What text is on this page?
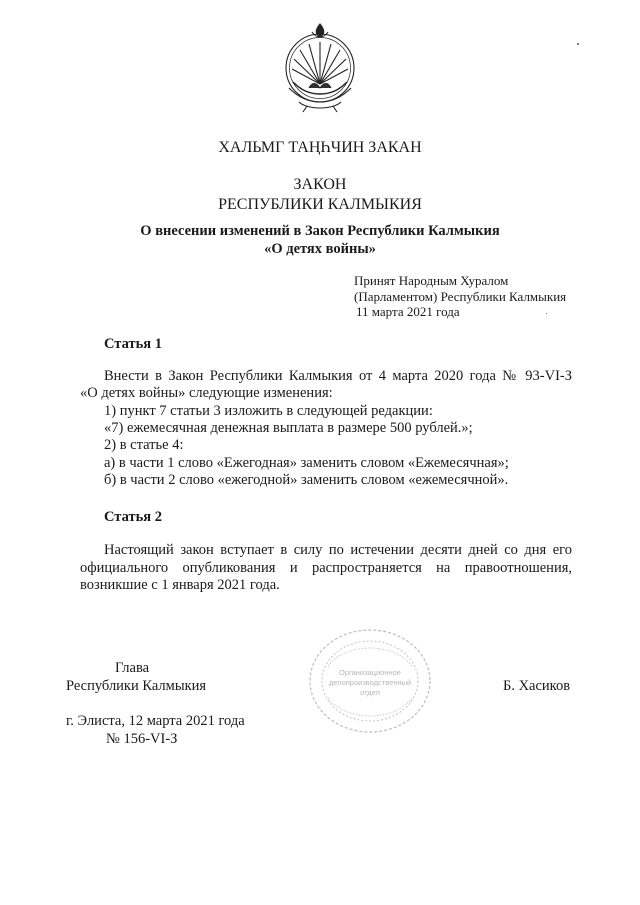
ХАЛЬМГ ТАҢҺЧИН ЗАКАН
ЗАКОН
РЕСПУБЛИКИ КАЛМЫКИЯ
О внесении изменений в Закон Республики Калмыкия
«О детях войны»
Принят Народным Хуралом
(Парламентом) Республики Калмыкия
11 марта 2021 года
Статья 1
Внести в Закон Республики Калмыкия от 4 марта 2020 года № 93-VI-З
«О детях войны» следующие изменения:
1) пункт 7 статьи 3 изложить в следующей редакции:
«7) ежемесячная денежная выплата в размере 500 рублей.»;
2) в статье 4:
а) в части 1 слово «Ежегодная» заменить словом «Ежемесячная»;
б) в части 2 слово «ежегодной» заменить словом «ежемесячной».
Статья 2
Настоящий закон вступает в силу по истечении десяти дней со дня его
официального опубликования и распространяется на правоотношения,
возникшие с 1 января 2021 года.
Организационное
делопроизводственный
отдел
Глава
Республики Калмыкия	Б. Хасиков
г. Элиста, 12 марта 2021 года
№ 156-VI-З
